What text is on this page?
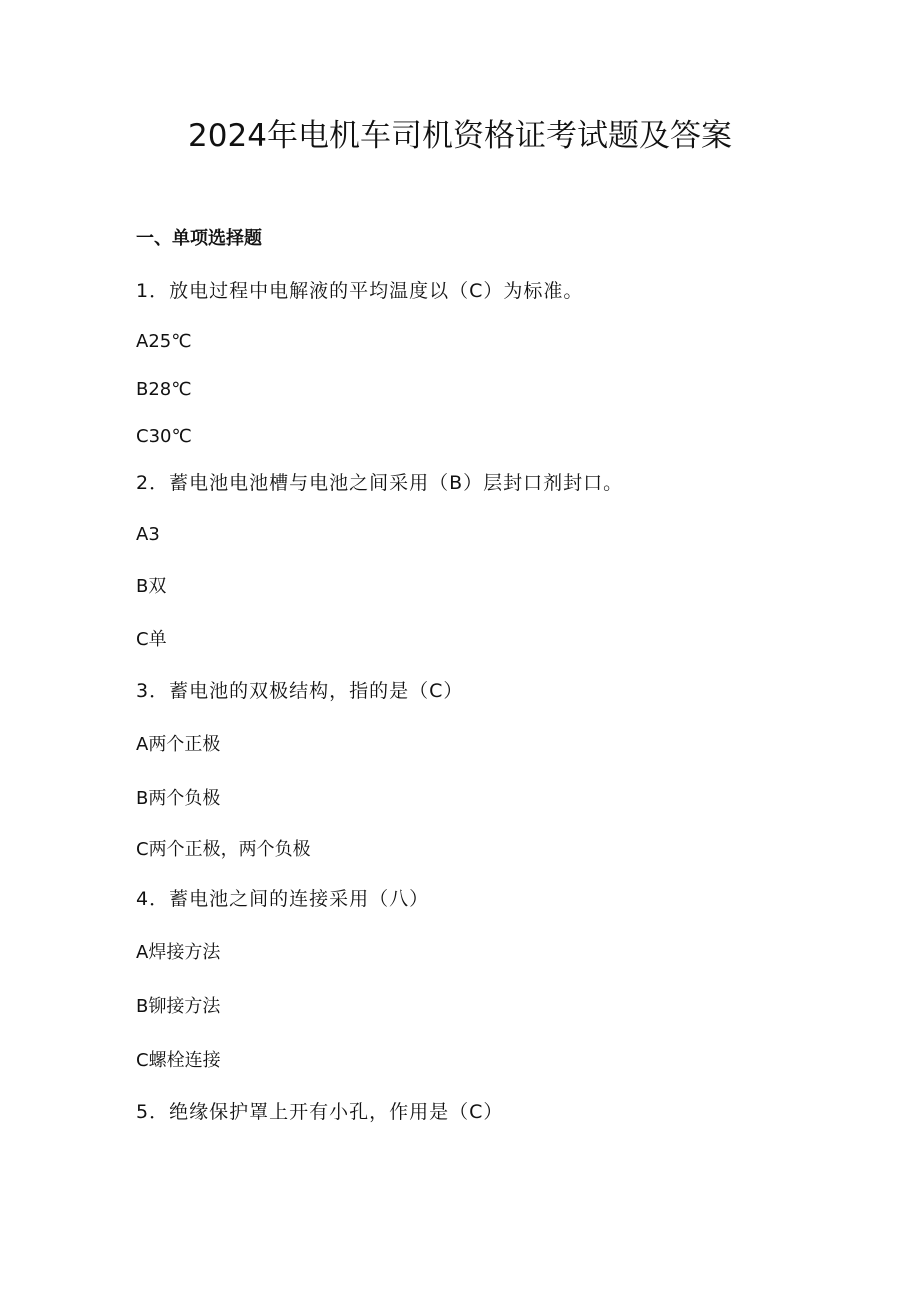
2024年电机车司机资格证考试题及答案
一、单项选择题
1．放电过程中电解液的平均温度以（C）为标准。
A25℃
B28℃
C30℃
2．蓄电池电池槽与电池之间采用（B）层封口剂封口。
A3
B双
C单
3．蓄电池的双极结构，指的是（C）
A两个正极
B两个负极
C两个正极，两个负极
4．蓄电池之间的连接采用（八）
A焊接方法
B铆接方法
C螺栓连接
5．绝缘保护罩上开有小孔，作用是（C）
